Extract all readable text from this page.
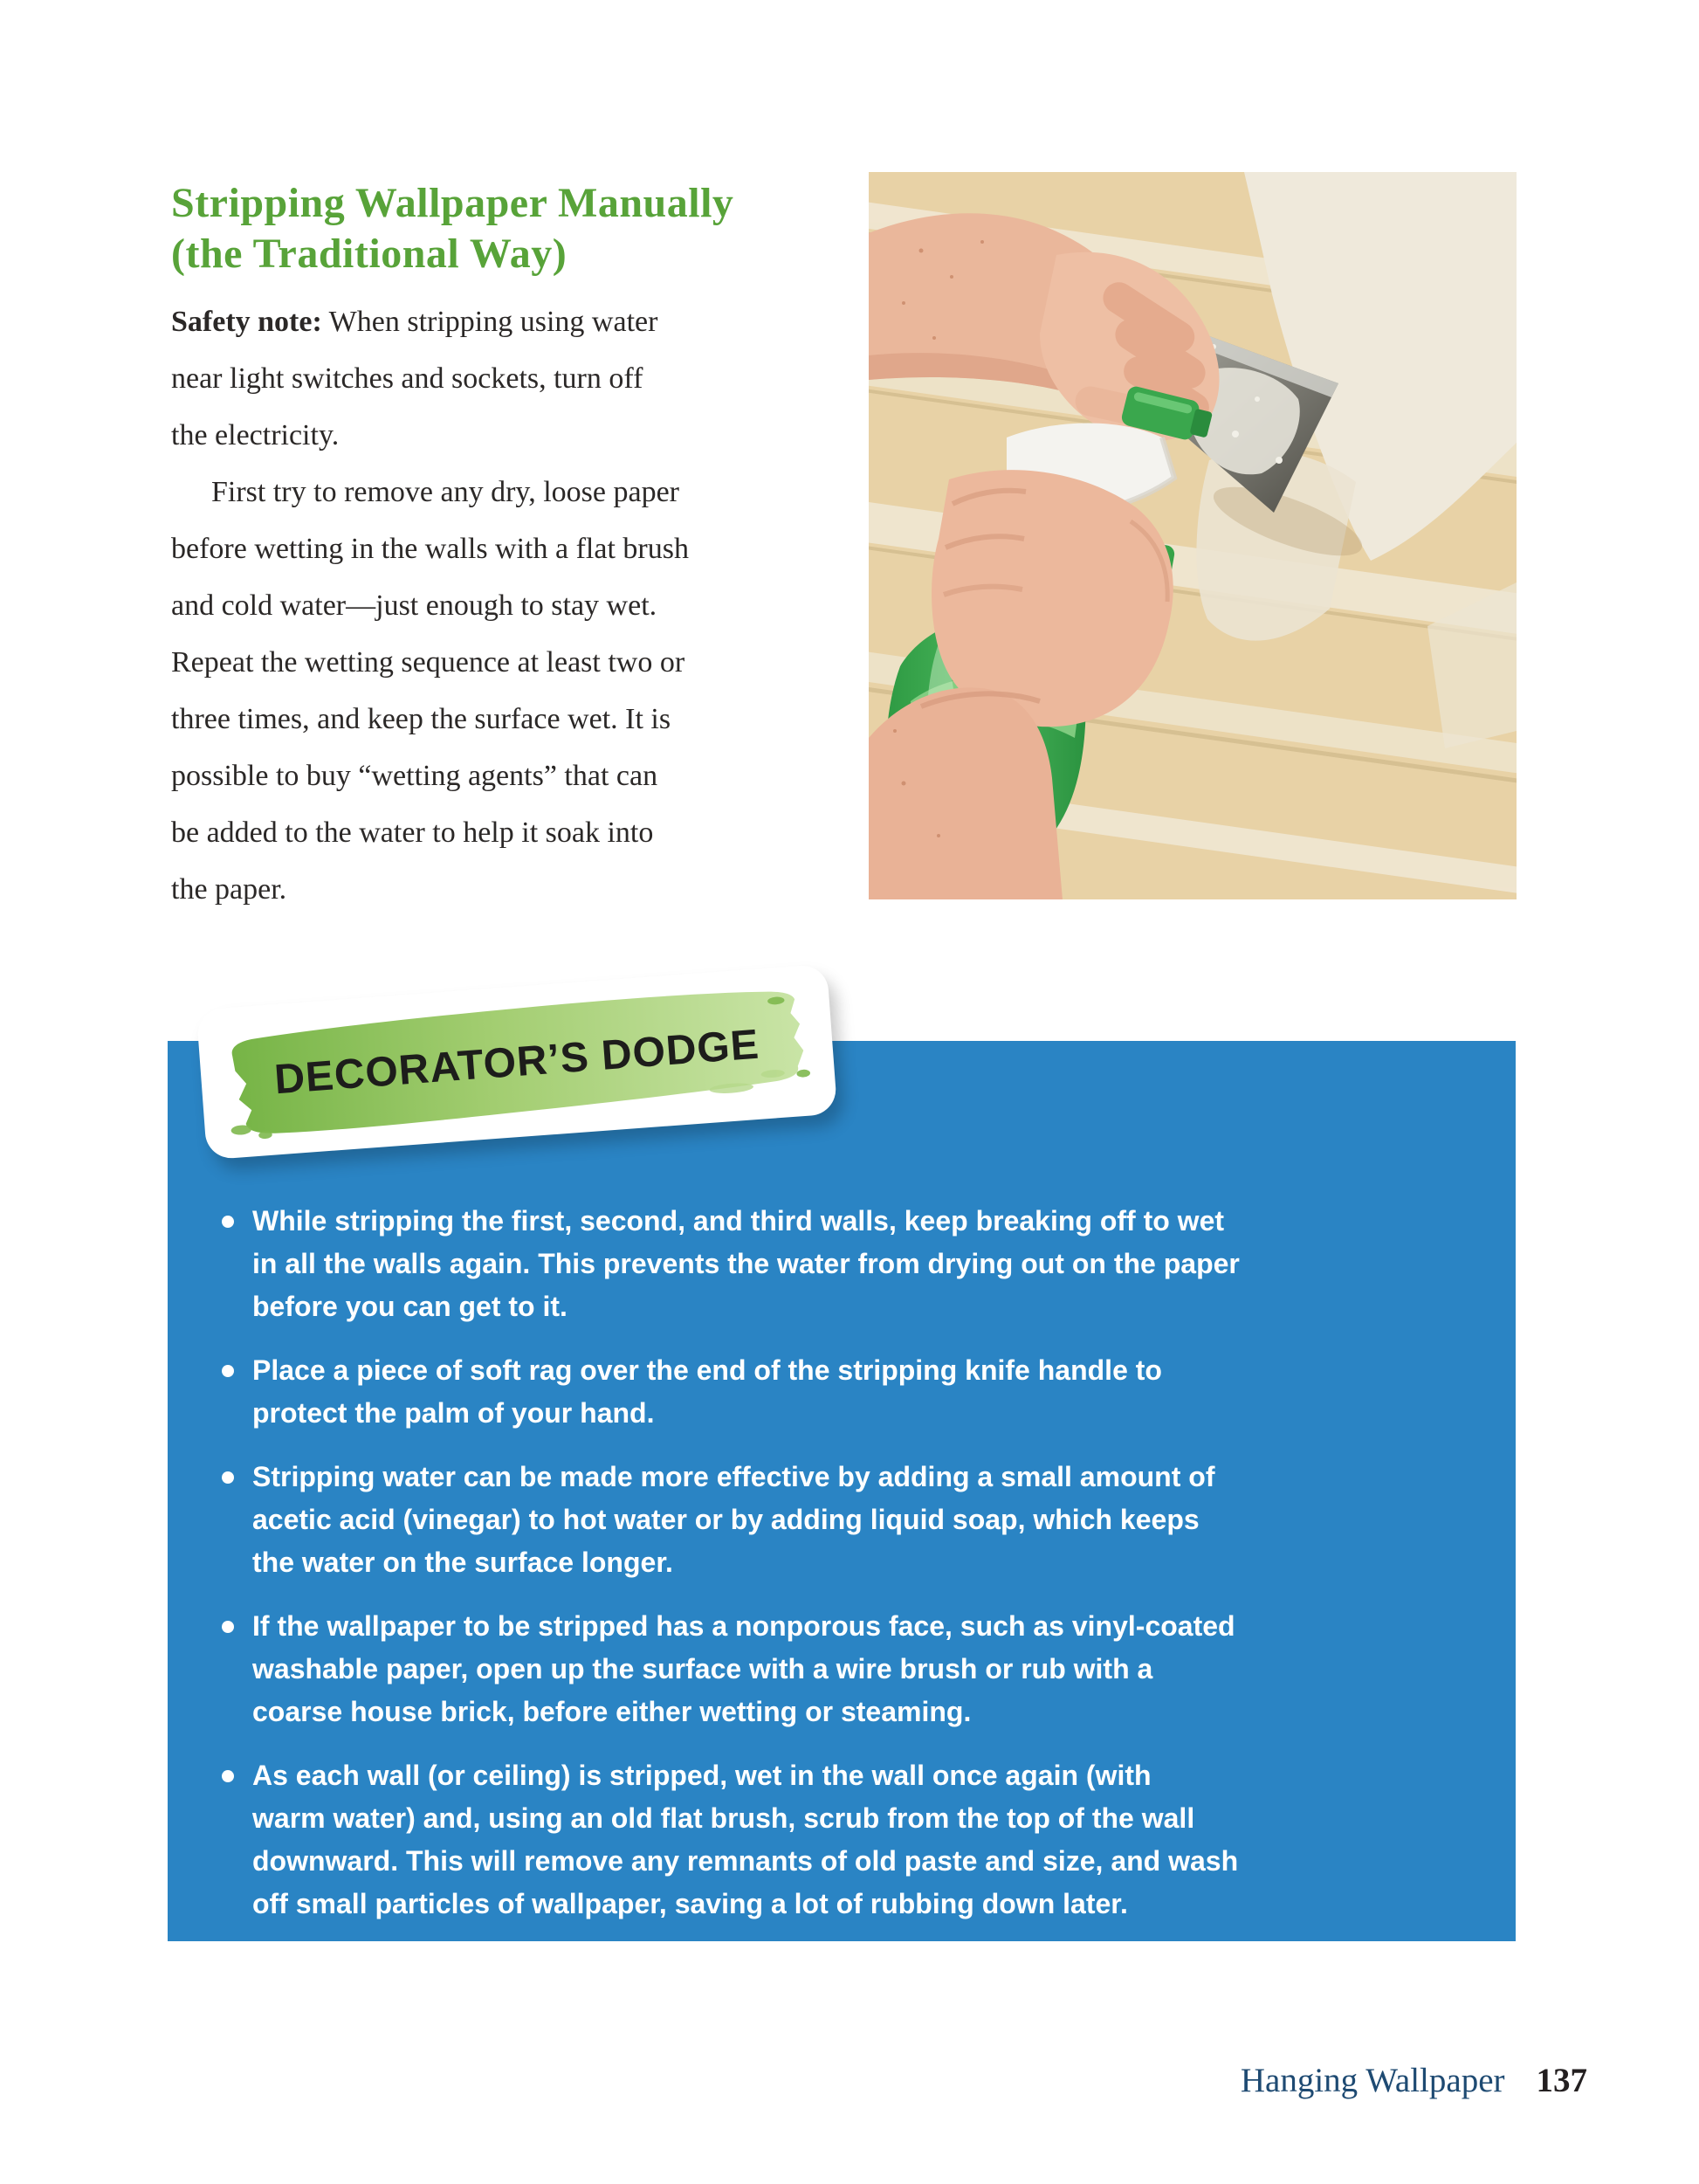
Stripping Wallpaper Manually
(the Traditional Way)
Safety note: When stripping using water
near light switches and sockets, turn off
the electricity.
First try to remove any dry, loose paper
before wetting in the walls with a flat brush
and cold water—just enough to stay wet.
Repeat the wetting sequence at least two or
three times, and keep the surface wet. It is
possible to buy “wetting agents” that can
be added to the water to help it soak into
the paper.
DECORATOR’S DODGE
While stripping the first, second, and third walls, keep breaking off to wet
in all the walls again. This prevents the water from drying out on the paper
before you can get to it.
Place a piece of soft rag over the end of the stripping knife handle to
protect the palm of your hand.
Stripping water can be made more effective by adding a small amount of
acetic acid (vinegar) to hot water or by adding liquid soap, which keeps
the water on the surface longer.
If the wallpaper to be stripped has a nonporous face, such as vinyl-coated
washable paper, open up the surface with a wire brush or rub with a
coarse house brick, before either wetting or steaming.
As each wall (or ceiling) is stripped, wet in the wall once again (with
warm water) and, using an old flat brush, scrub from the top of the wall
downward. This will remove any remnants of old paste and size, and wash
off small particles of wallpaper, saving a lot of rubbing down later.
Hanging Wallpaper 137
